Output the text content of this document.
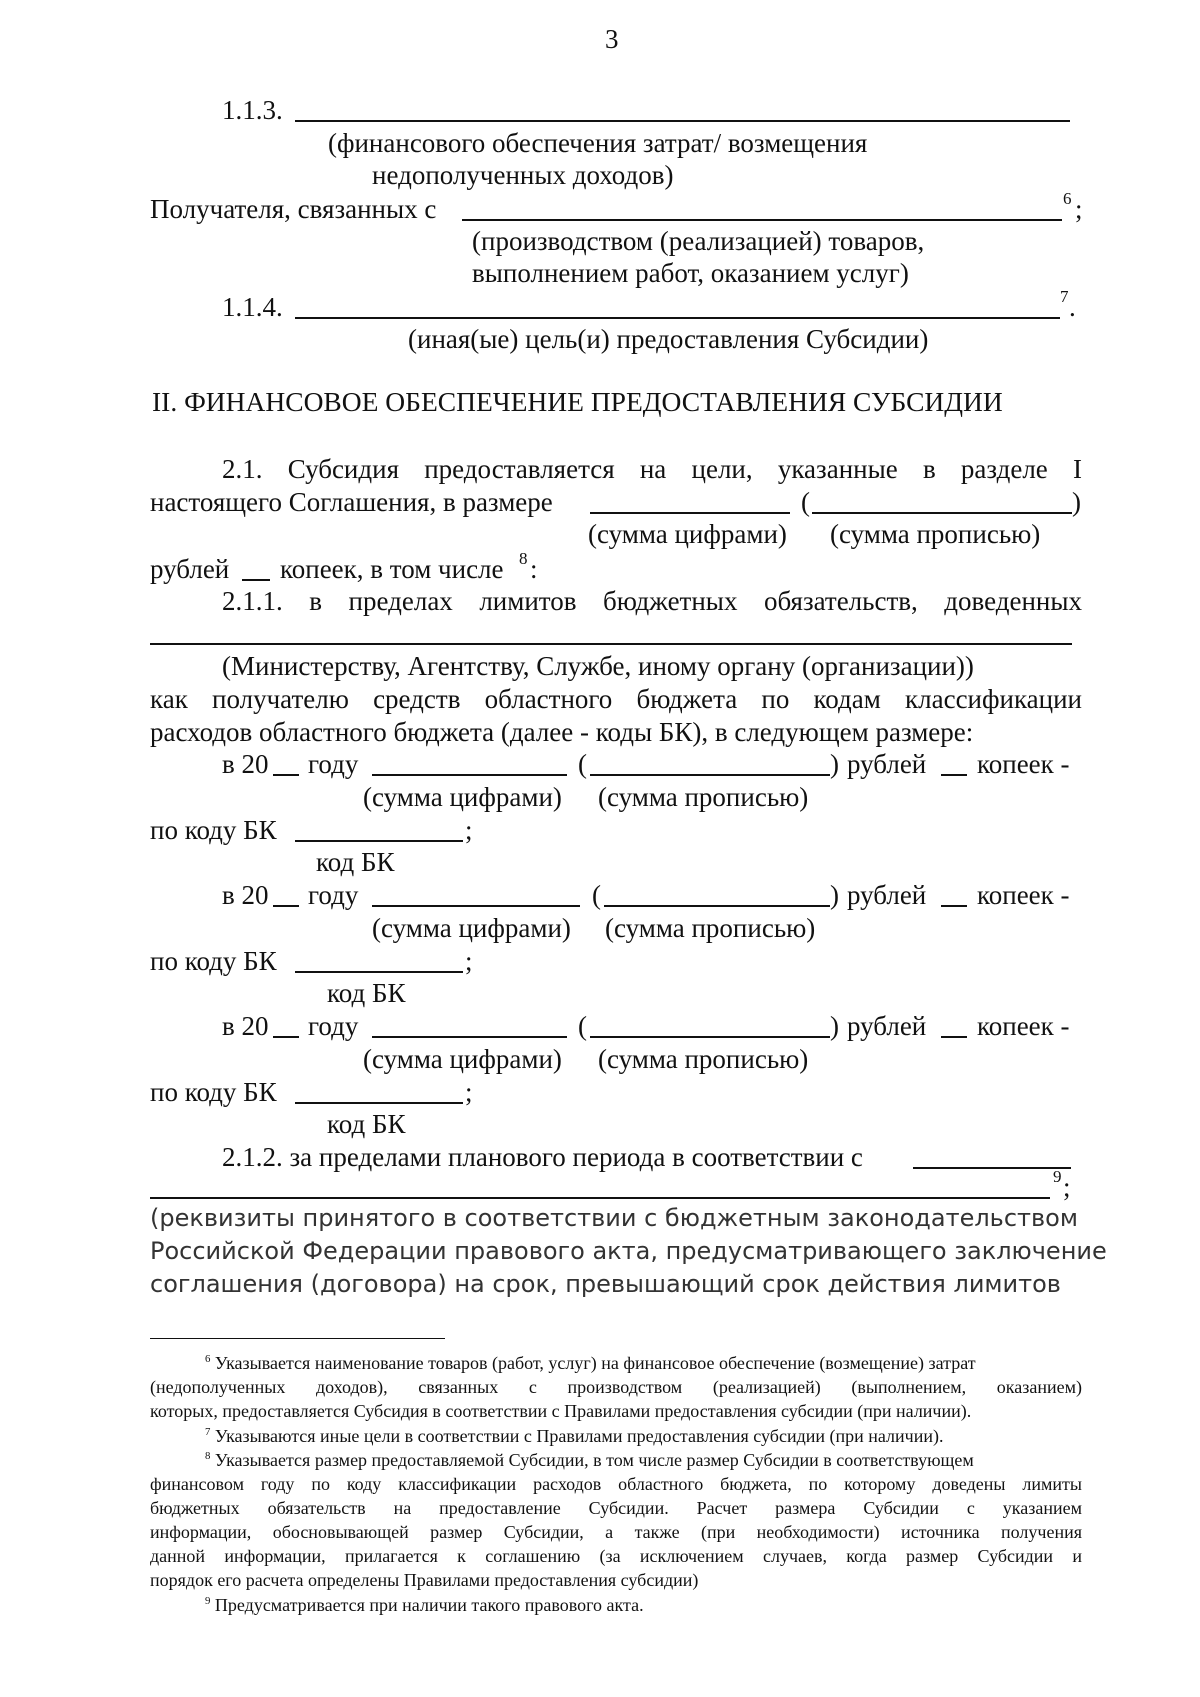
3
1.1.3.
(финансового обеспечения затрат/ возмещения
недополученных доходов)
Получателя, связанных с	6 ;
(производством (реализацией) товаров,
выполнением работ, оказанием услуг)
1.1.4.	7 .
(иная(ые) цель(и) предоставления Субсидии)
II. ФИНАНСОВОЕ ОБЕСПЕЧЕНИЕ ПРЕДОСТАВЛЕНИЯ СУБСИДИИ
2.1. Субсидия предоставляется на цели, указанные в разделе I
настоящего Соглашения, в размере	(	)
(сумма цифрами) (сумма прописью)
рублей копеек, в том числе 8 :
2.1.1. в пределах лимитов бюджетных обязательств, доведенных
(Министерству, Агентству, Службе, иному органу (организации))
как получателю средств областного бюджета по кодам классификации
расходов областного бюджета (далее - коды БК), в следующем размере:
в 20 году	(	) рублей копеек -
(сумма цифрами) (сумма прописью)
по коду БК	;
код БК
в 20 году	(	) рублей копеек -
(сумма цифрами) (сумма прописью)
по коду БК	;
код БК
в 20 году	(	) рублей копеек -
(сумма цифрами) (сумма прописью)
по коду БК	;
код БК
2.1.2. за пределами планового периода в соответствии с
9 ;
(реквизиты принятого в соответствии с бюджетным законодательством
Российской Федерации правового акта, предусматривающего заключение
соглашения (договора) на срок, превышающий срок действия лимитов
$^6$ Указывается наименование товаров (работ, услуг) на финансовое обеспечение (возмещение) затрат
(недополученных доходов), связанных с производством (реализацией) (выполнением, оказанием)
которых, предоставляется Субсидия в соответствии с Правилами предоставления субсидии (при наличии).
$^7$ Указываются иные цели в соответствии с Правилами предоставления субсидии (при наличии).
$^8$ Указывается размер предоставляемой Субсидии, в том числе размер Субсидии в соответствующем
финансовом году по коду классификации расходов областного бюджета, по которому доведены лимиты
бюджетных обязательств на предоставление Субсидии. Расчет размера Субсидии с указанием
информации, обосновывающей размер Субсидии, а также (при необходимости) источника получения
данной информации, прилагается к соглашению (за исключением случаев, когда размер Субсидии и
порядок его расчета определены Правилами предоставления субсидии)
$^9$ Предусматривается при наличии такого правового акта.
